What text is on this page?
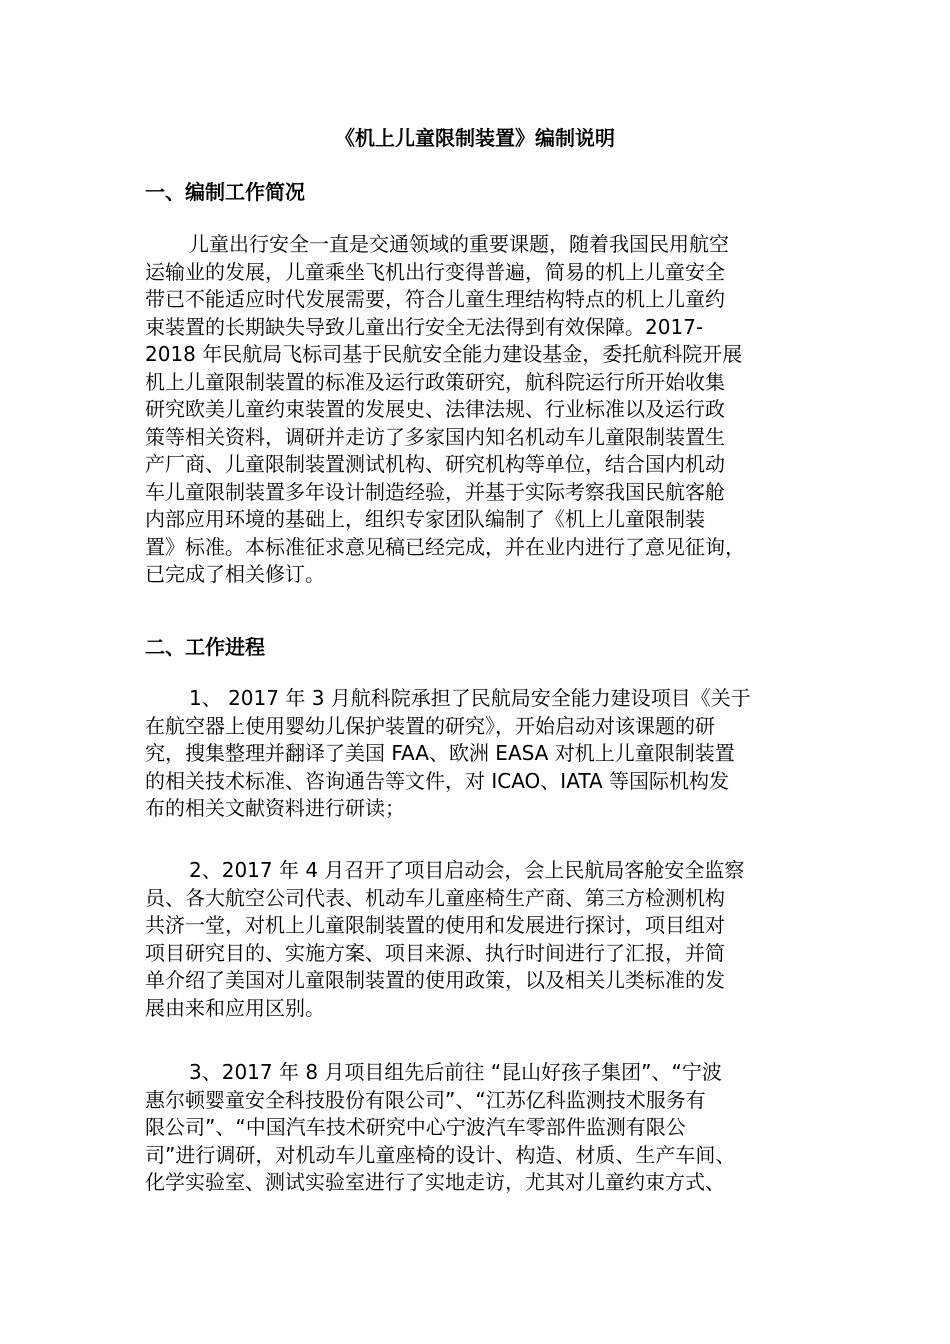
《机上儿童限制装置》编制说明
一、编制工作简况

儿童出行安全一直是交通领域的重要课题，随着我国民用航空
运输业的发展，儿童乘坐飞机出行变得普遍，简易的机上儿童安全
带已不能适应时代发展需要，符合儿童生理结构特点的机上儿童约
束装置的长期缺失导致儿童出行安全无法得到有效保障。2017-
2018 年民航局飞标司基于民航安全能力建设基金，委托航科院开展
机上儿童限制装置的标准及运行政策研究，航科院运行所开始收集
研究欧美儿童约束装置的发展史、法律法规、行业标准以及运行政
策等相关资料，调研并走访了多家国内知名机动车儿童限制装置生
产厂商、儿童限制装置测试机构、研究机构等单位，结合国内机动
车儿童限制装置多年设计制造经验，并基于实际考察我国民航客舱
内部应用环境的基础上，组织专家团队编制了《机上儿童限制装
置》标准。本标准征求意见稿已经完成，并在业内进行了意见征询，
已完成了相关修订。

二、工作进程

1、 2017 年 3 月航科院承担了民航局安全能力建设项目《关于
在航空器上使用婴幼儿保护装置的研究》，开始启动对该课题的研
究，搜集整理并翻译了美国 FAA、欧洲 EASA 对机上儿童限制装置
的相关技术标准、咨询通告等文件，对 ICAO、IATA 等国际机构发
布的相关文献资料进行研读；

2、2017 年 4 月召开了项目启动会，会上民航局客舱安全监察
员、各大航空公司代表、机动车儿童座椅生产商、第三方检测机构
共济一堂，对机上儿童限制装置的使用和发展进行探讨，项目组对
项目研究目的、实施方案、项目来源、执行时间进行了汇报，并简
单介绍了美国对儿童限制装置的使用政策，以及相关儿类标准的发
展由来和应用区别。

3、2017 年 8 月项目组先后前往 “昆山好孩子集团”、“宁波
惠尔顿婴童安全科技股份有限公司”、“江苏亿科监测技术服务有
限公司”、“中国汽车技术研究中心宁波汽车零部件监测有限公
司”进行调研，对机动车儿童座椅的设计、构造、材质、生产车间、
化学实验室、测试实验室进行了实地走访，尤其对儿童约束方式、
